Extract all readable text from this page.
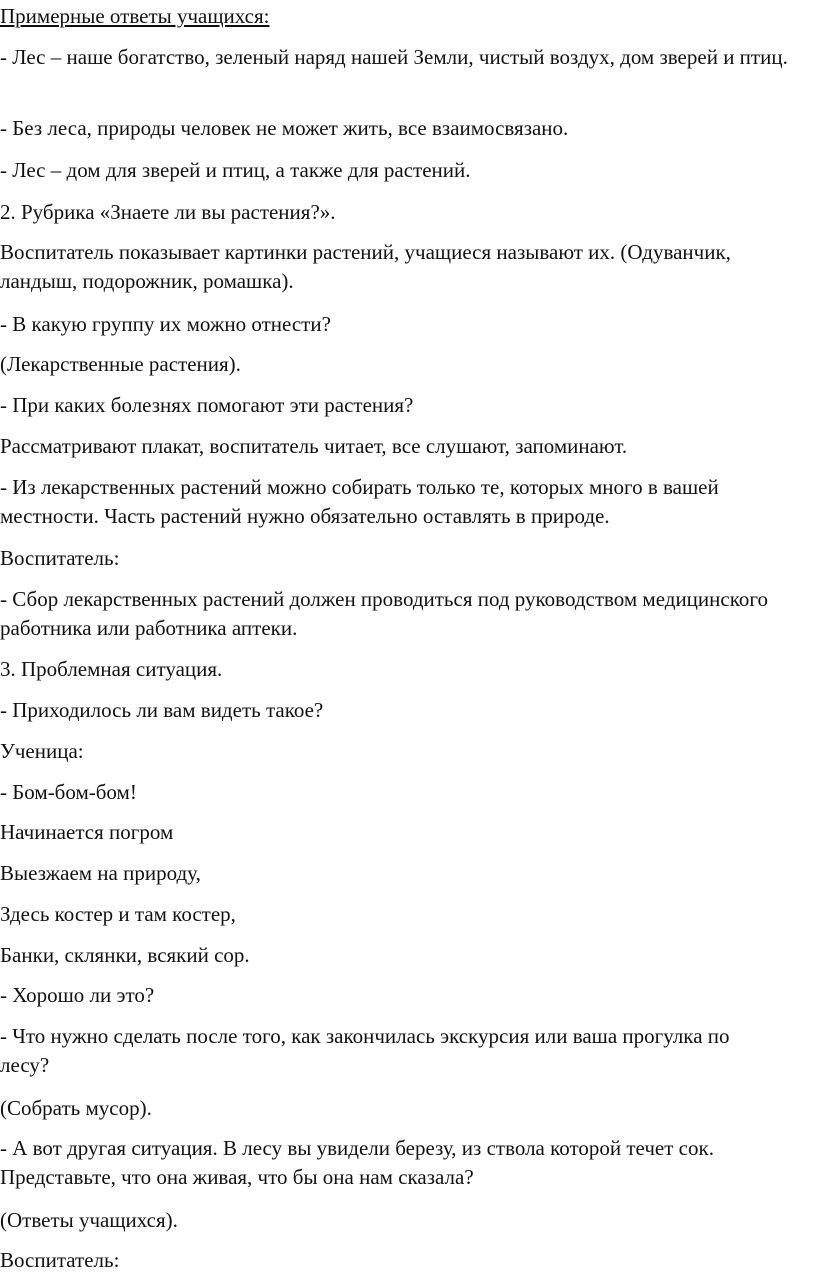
Примерные ответы учащихся:

- Лес – наше богатство, зеленый наряд нашей Земли, чистый воздух, дом зверей и птиц.

- Без леса, природы человек не может жить, все взаимосвязано.

- Лес – дом для зверей и птиц, а также для растений.

2. Рубрика «Знаете ли вы растения?».

Воспитатель показывает картинки растений, учащиеся называют их. (Одуванчик, ландыш, подорожник, ромашка).

- В какую группу их можно отнести?

(Лекарственные растения).

- При каких болезнях помогают эти растения?

Рассматривают плакат, воспитатель читает, все слушают, запоминают.

- Из лекарственных растений можно собирать только те, которых много в вашей местности. Часть растений нужно обязательно оставлять в природе.

Воспитатель:

- Сбор лекарственных растений должен проводиться под руководством медицинского работника или работника аптеки.

3. Проблемная ситуация.

- Приходилось ли вам видеть такое?

Ученица:

- Бом-бом-бом!

Начинается погром

Выезжаем на природу,

Здесь костер и там костер,

Банки, склянки, всякий сор.

- Хорошо ли это?

- Что нужно сделать после того, как закончилась экскурсия или ваша прогулка по лесу?

(Собрать мусор).

- А вот другая ситуация. В лесу вы увидели березу, из ствола которой течет сок. Представьте, что она живая, что бы она нам сказала?

(Ответы учащихся).

Воспитатель:
